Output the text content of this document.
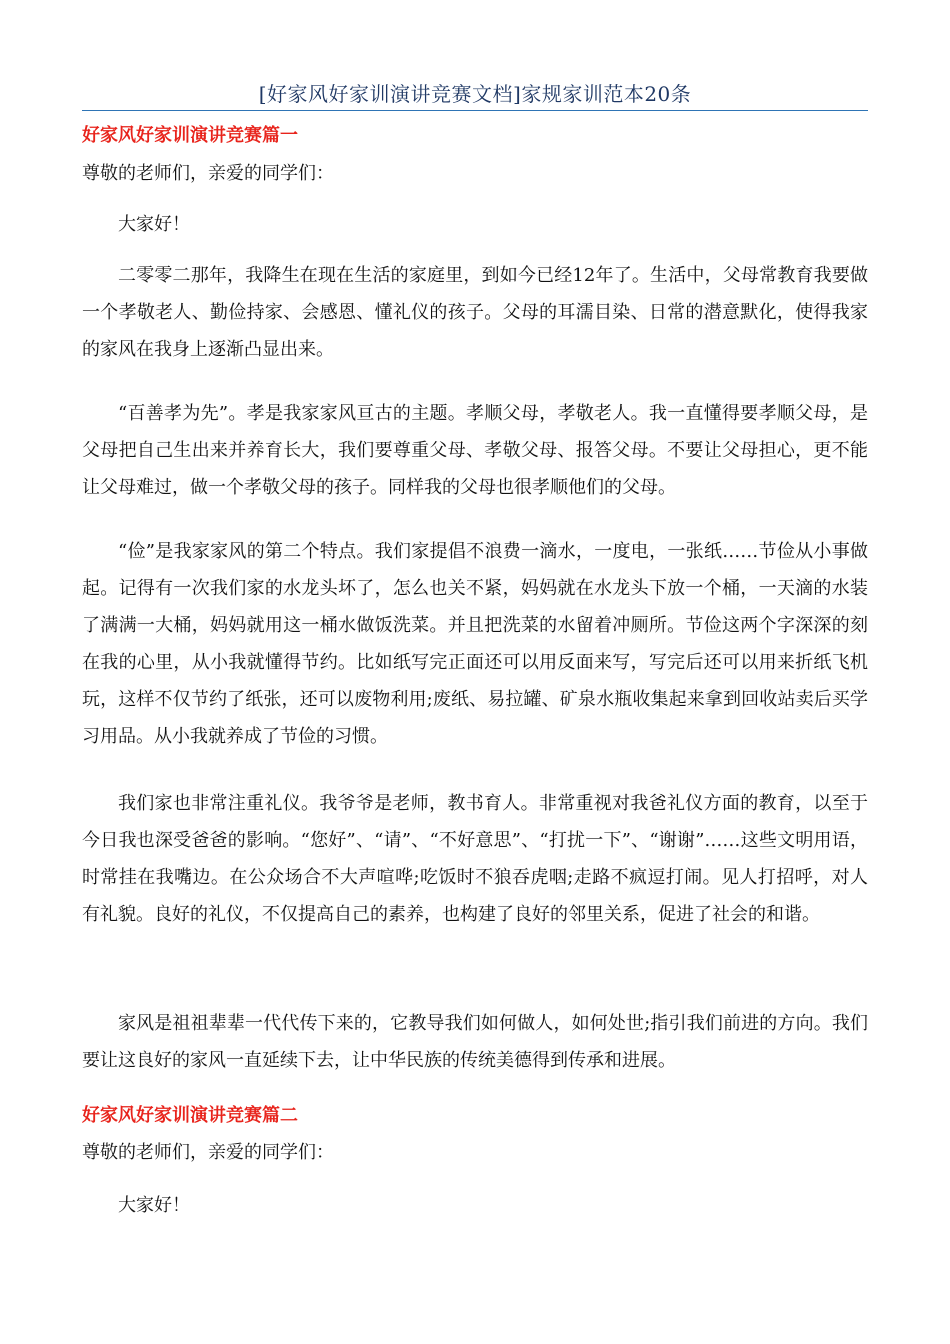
[好家风好家训演讲竞赛文档]家规家训范本20条
好家风好家训演讲竞赛篇一
尊敬的老师们，亲爱的同学们：
大家好！

二零零二那年，我降生在现在生活的家庭里，到如今已经12年了。生活中，父母常教育我要做一个孝敬老人、勤俭持家、会感恩、懂礼仪的孩子。父母的耳濡目染、日常的潜意默化，使得我家的家风在我身上逐渐凸显出来。

“百善孝为先”。孝是我家家风亘古的主题。孝顺父母，孝敬老人。我一直懂得要孝顺父母，是父母把自己生出来并养育长大，我们要尊重父母、孝敬父母、报答父母。不要让父母担心，更不能让父母难过，做一个孝敬父母的孩子。同样我的父母也很孝顺他们的父母。

“俭”是我家家风的第二个特点。我们家提倡不浪费一滴水，一度电，一张纸……节俭从小事做起。记得有一次我们家的水龙头坏了，怎么也关不紧，妈妈就在水龙头下放一个桶，一天滴的水装了满满一大桶，妈妈就用这一桶水做饭洗菜。并且把洗菜的水留着冲厕所。节俭这两个字深深的刻在我的心里，从小我就懂得节约。比如纸写完正面还可以用反面来写，写完后还可以用来折纸飞机玩，这样不仅节约了纸张，还可以废物利用;废纸、易拉罐、矿泉水瓶收集起来拿到回收站卖后买学习用品。从小我就养成了节俭的习惯。

我们家也非常注重礼仪。我爷爷是老师，教书育人。非常重视对我爸礼仪方面的教育，以至于今日我也深受爸爸的影响。“您好”、“请”、“不好意思”、“打扰一下”、“谢谢”……这些文明用语，时常挂在我嘴边。在公众场合不大声喧哗;吃饭时不狼吞虎咽;走路不疯逗打闹。见人打招呼，对人有礼貌。良好的礼仪，不仅提高自己的素养，也构建了良好的邻里关系，促进了社会的和谐。

家风是祖祖辈辈一代代传下来的，它教导我们如何做人，如何处世;指引我们前进的方向。我们要让这良好的家风一直延续下去，让中华民族的传统美德得到传承和进展。

好家风好家训演讲竞赛篇二
尊敬的老师们，亲爱的同学们：
大家好！
